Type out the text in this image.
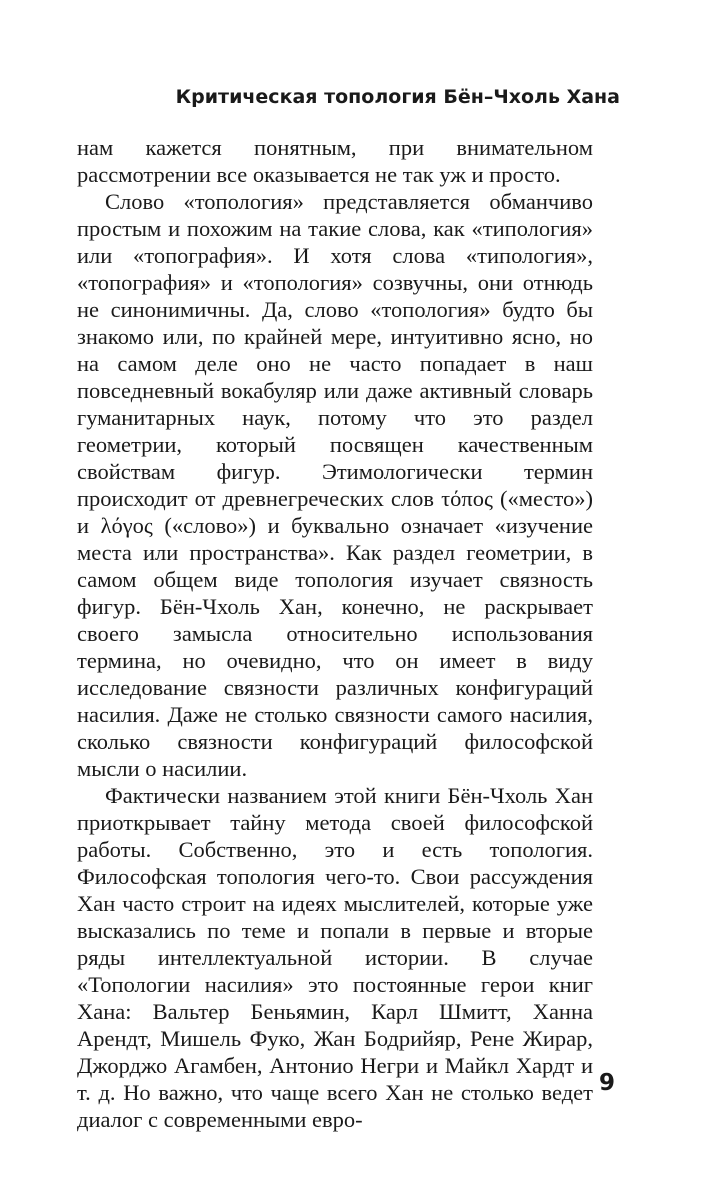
Критическая топология Бён–Чхоль Хана

нам кажется понятным, при внимательном рассмотрении все оказывается не так уж и просто.

Слово «топология» представляется обманчиво простым и похожим на такие слова, как «типология» или «топография». И хотя слова «типология», «топография» и «топология» созвучны, они отнюдь не синонимичны. Да, слово «топология» будто бы знакомо или, по крайней мере, интуитивно ясно, но на самом деле оно не часто попадает в наш повседневный вокабуляр или даже активный словарь гуманитарных наук, потому что это раздел геометрии, который посвящен качественным свойствам фигур. Этимологически термин происходит от древнегреческих слов τόπος («место») и λόγος («слово») и буквально означает «изучение места или пространства». Как раздел геометрии, в самом общем виде топология изучает связность фигур. Бён-Чхоль Хан, конечно, не раскрывает своего замысла относительно использования термина, но очевидно, что он имеет в виду исследование связности различных конфигураций насилия. Даже не столько связности самого насилия, сколько связности конфигураций философской мысли о насилии.

Фактически названием этой книги Бён-Чхоль Хан приоткрывает тайну метода своей философской работы. Собственно, это и есть топология. Философская топология чего-то. Свои рассуждения Хан часто строит на идеях мыслителей, которые уже высказались по теме и попали в первые и вторые ряды интеллектуальной истории. В случае «Топологии насилия» это постоянные герои книг Хана: Вальтер Беньямин, Карл Шмитт, Ханна Арендт, Мишель Фуко, Жан Бодрийяр, Рене Жирар, Джорджо Агамбен, Антонио Негри и Майкл Хардт и т. д. Но важно, что чаще всего Хан не столько ведет диалог с современными евро-

9
